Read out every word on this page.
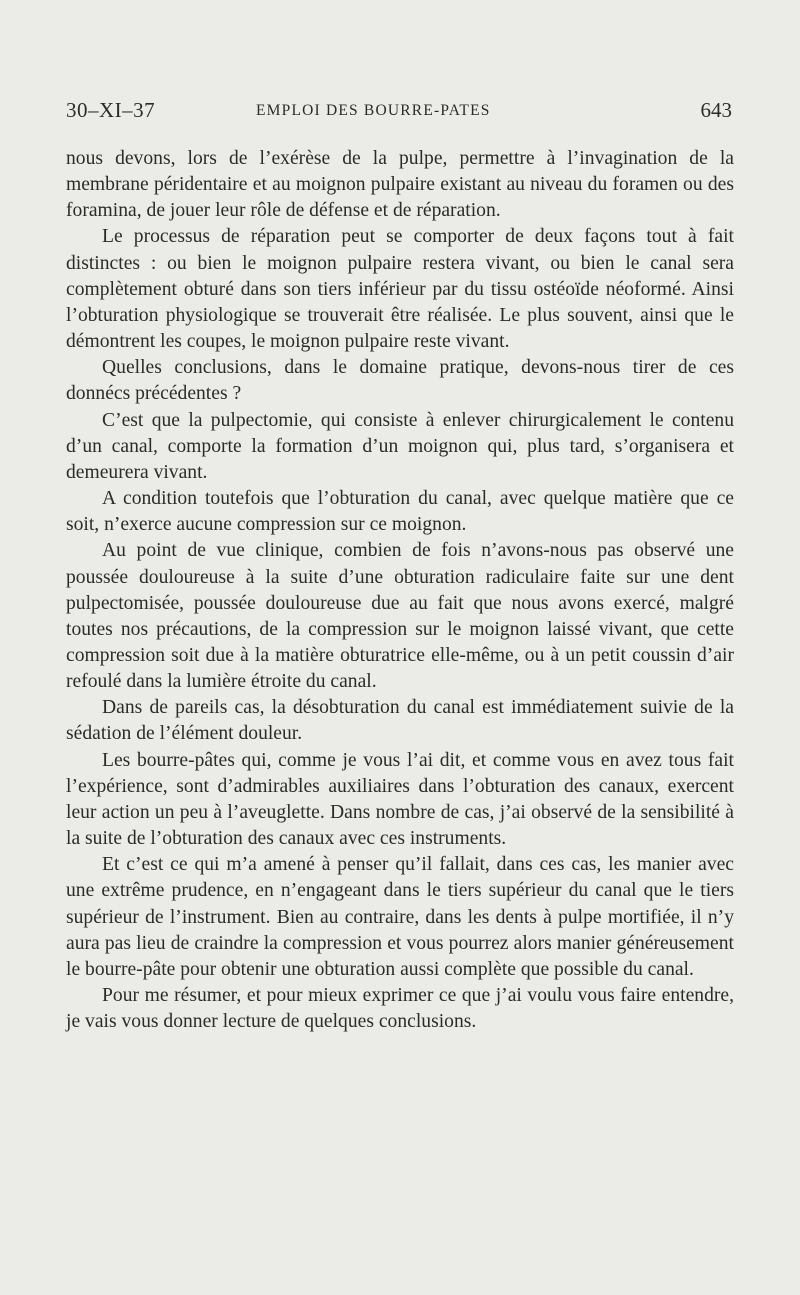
30–XI–37	EMPLOI DES BOURRE-PATES	643

nous devons, lors de l’exérèse de la pulpe, permettre à l’invagination de la membrane péridentaire et au moignon pulpaire existant au niveau du foramen ou des foramina, de jouer leur rôle de défense et de réparation.

Le processus de réparation peut se comporter de deux façons tout à fait distinctes : ou bien le moignon pulpaire restera vivant, ou bien le canal sera complètement obturé dans son tiers inférieur par du tissu ostéoïde néoformé. Ainsi l’obturation physiologique se trouverait être réalisée. Le plus souvent, ainsi que le démontrent les coupes, le moignon pulpaire reste vivant.

Quelles conclusions, dans le domaine pratique, devons-nous tirer de ces donnécs précédentes ?

C’est que la pulpectomie, qui consiste à enlever chirurgicalement le contenu d’un canal, comporte la formation d’un moignon qui, plus tard, s’organisera et demeurera vivant.

A condition toutefois que l’obturation du canal, avec quelque matière que ce soit, n’exerce aucune compression sur ce moignon.

Au point de vue clinique, combien de fois n’avons-nous pas observé une poussée douloureuse à la suite d’une obturation radiculaire faite sur une dent pulpectomisée, poussée douloureuse due au fait que nous avons exercé, malgré toutes nos précautions, de la compression sur le moignon laissé vivant, que cette compression soit due à la matière obturatrice elle-même, ou à un petit coussin d’air refoulé dans la lumière étroite du canal.

Dans de pareils cas, la désobturation du canal est immédiatement suivie de la sédation de l’élément douleur.

Les bourre-pâtes qui, comme je vous l’ai dit, et comme vous en avez tous fait l’expérience, sont d’admirables auxiliaires dans l’obturation des canaux, exercent leur action un peu à l’aveuglette. Dans nombre de cas, j’ai observé de la sensibilité à la suite de l’obturation des canaux avec ces instruments.

Et c’est ce qui m’a amené à penser qu’il fallait, dans ces cas, les manier avec une extrême prudence, en n’engageant dans le tiers supérieur du canal que le tiers supérieur de l’instrument. Bien au contraire, dans les dents à pulpe mortifiée, il n’y aura pas lieu de craindre la compression et vous pourrez alors manier généreusement le bourre-pâte pour obtenir une obturation aussi complète que possible du canal.

Pour me résumer, et pour mieux exprimer ce que j’ai voulu vous faire entendre, je vais vous donner lecture de quelques conclusions.
